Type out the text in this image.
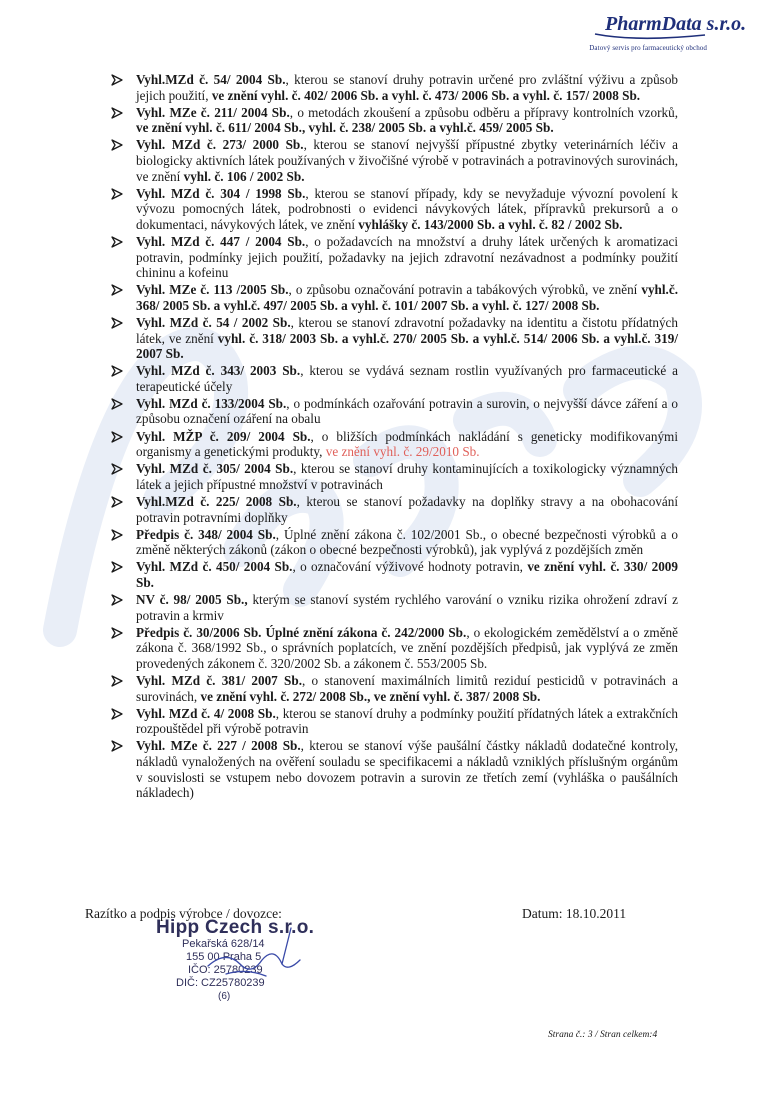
PharmData s.r.o.
Datový servis pro farmaceutický obchod
Vyhl.MZd č. 54/ 2004 Sb., kterou se stanoví druhy potravin určené pro zvláštní výživu a způsob jejich použití, ve znění vyhl. č. 402/ 2006 Sb. a vyhl. č. 473/ 2006 Sb. a vyhl. č. 157/ 2008 Sb.
Vyhl. MZe č. 211/ 2004 Sb., o metodách zkoušení a způsobu odběru a přípravy kontrolních vzorků, ve znění vyhl. č. 611/ 2004 Sb., vyhl. č. 238/ 2005 Sb. a vyhl.č. 459/ 2005 Sb.
Vyhl. MZd č. 273/ 2000 Sb., kterou se stanoví nejvyšší přípustné zbytky veterinárních léčiv a biologicky aktivních látek používaných v živočišné výrobě v potravinách a potravinových surovinách, ve znění vyhl. č. 106 / 2002 Sb.
Vyhl. MZd č. 304 / 1998 Sb., kterou se stanoví případy, kdy se nevyžaduje vývozní povolení k vývozu pomocných látek, podrobnosti o evidenci návykových látek, přípravků prekursorů a o dokumentaci, návykových látek, ve znění vyhlášky č. 143/2000 Sb. a vyhl. č. 82 / 2002 Sb.
Vyhl. MZd č. 447 / 2004 Sb., o požadavcích na množství a druhy látek určených k aromatizaci potravin, podmínky jejich použití, požadavky na jejich zdravotní nezávadnost a podmínky použití chininu a kofeinu
Vyhl. MZe č. 113 /2005 Sb., o způsobu označování potravin a tabákových výrobků, ve znění vyhl.č. 368/ 2005 Sb. a vyhl.č. 497/ 2005 Sb. a vyhl. č. 101/ 2007 Sb. a vyhl. č. 127/ 2008 Sb.
Vyhl. MZd č. 54 / 2002 Sb., kterou se stanoví zdravotní požadavky na identitu a čistotu přídatných látek, ve znění vyhl. č. 318/ 2003 Sb. a vyhl.č. 270/ 2005 Sb. a vyhl.č. 514/ 2006 Sb. a vyhl.č. 319/ 2007 Sb.
Vyhl. MZd č. 343/ 2003 Sb., kterou se vydává seznam rostlin využívaných pro farmaceutické a terapeutické účely
Vyhl. MZd č. 133/2004 Sb., o podmínkách ozařování potravin a surovin, o nejvyšší dávce záření a o způsobu označení ozáření na obalu
Vyhl. MŽP č. 209/ 2004 Sb., o bližších podmínkách nakládání s geneticky modifikovanými organismy a genetickými produkty, ve znění vyhl. č. 29/2010 Sb.
Vyhl. MZd č. 305/ 2004 Sb., kterou se stanoví druhy kontaminujících a toxikologicky významných látek a jejich přípustné množství v potravinách
Vyhl.MZd č. 225/ 2008 Sb., kterou se stanoví požadavky na doplňky stravy a na obohacování potravin potravními doplňky
Předpis č. 348/ 2004 Sb., Úplné znění zákona č. 102/2001 Sb., o obecné bezpečnosti výrobků a o změně některých zákonů (zákon o obecné bezpečnosti výrobků), jak vyplývá z pozdějších změn
Vyhl. MZd č. 450/ 2004 Sb., o označování výživové hodnoty potravin, ve znění vyhl. č. 330/ 2009 Sb.
NV č. 98/ 2005 Sb., kterým se stanoví systém rychlého varování o vzniku rizika ohrožení zdraví z potravin a krmiv
Předpis č. 30/2006 Sb. Úplné znění zákona č. 242/2000 Sb., o ekologickém zemědělství a o změně zákona č. 368/1992 Sb., o správních poplatcích, ve znění pozdějších předpisů, jak vyplývá ze změn provedených zákonem č. 320/2002 Sb. a zákonem č. 553/2005 Sb.
Vyhl. MZd č. 381/ 2007 Sb., o stanovení maximálních limitů reziduí pesticidů v potravinách a surovinách, ve znění vyhl. č. 272/ 2008 Sb., ve znění vyhl. č. 387/ 2008 Sb.
Vyhl. MZd č. 4/ 2008 Sb., kterou se stanoví druhy a podmínky použití přídatných látek a extrakčních rozpouštědel při výrobě potravin
Vyhl. MZe č. 227 / 2008 Sb., kterou se stanoví výše paušální částky nákladů dodatečné kontroly, nákladů vynaložených na ověření souladu se specifikacemi a nákladů vzniklých příslušným orgánům v souvislosti se vstupem nebo dovozem potravin a surovin ze třetích zemí (vyhláška o paušálních nákladech)
Razítko a podpis výrobce / dovozce:	Datum: 18.10.2011
Hipp Czech s.r.o.
Pekařská 628/14
155 00 Praha 5
IČO: 25780239
DIČ: CZ25780239
(6)
Strana č.: 3 / Stran celkem:4
